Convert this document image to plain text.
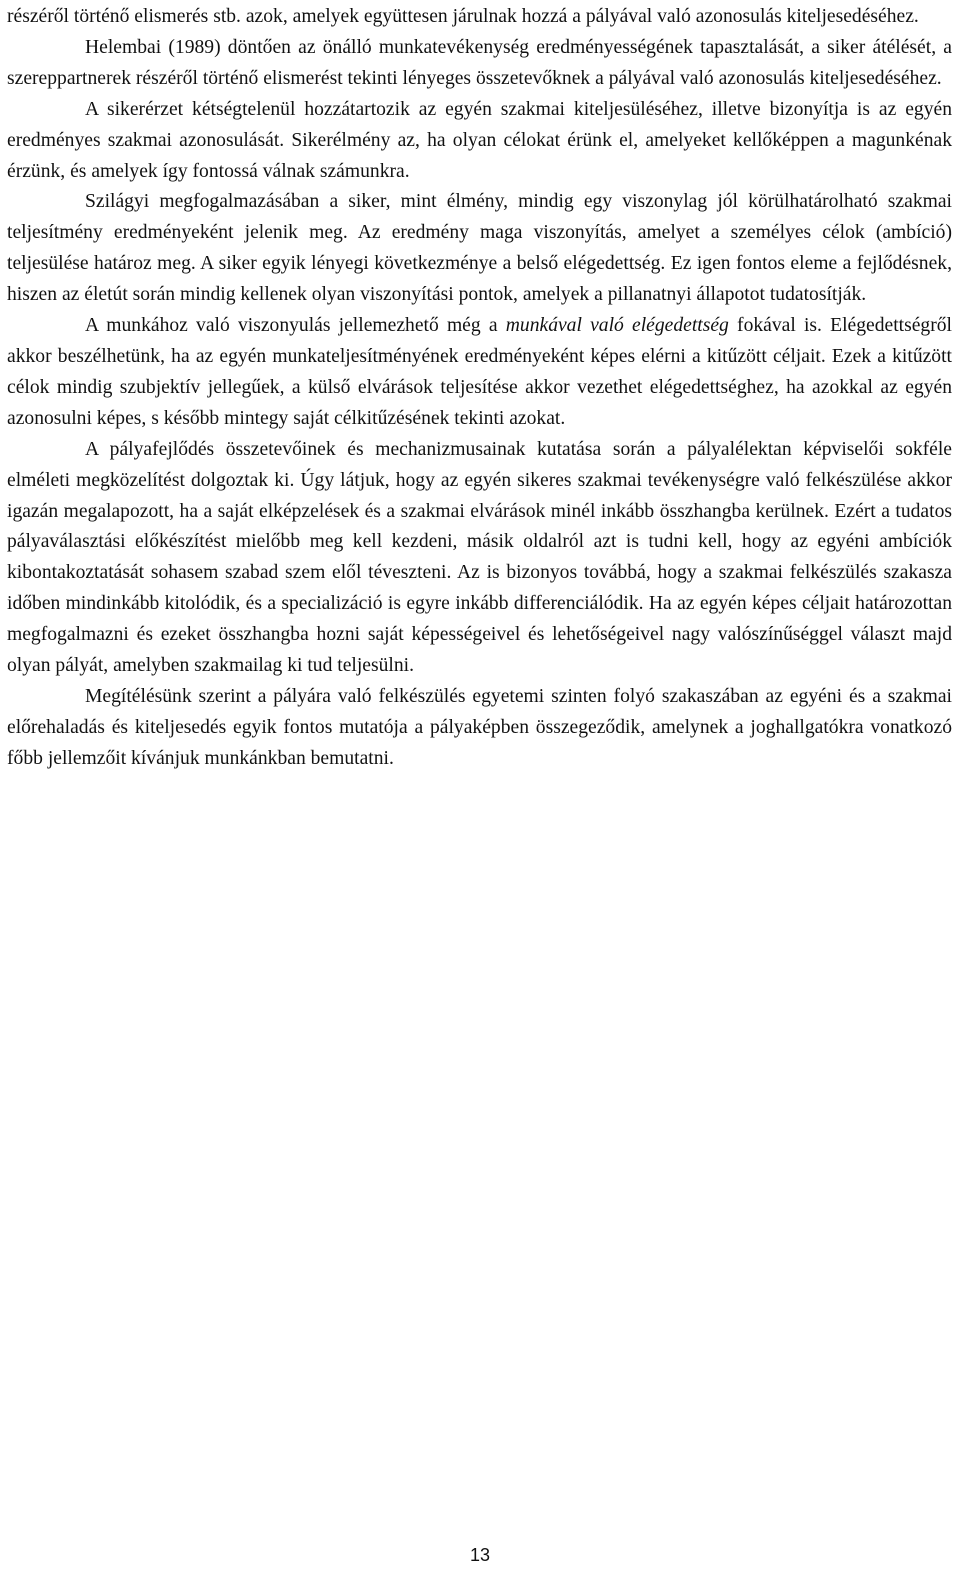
részéről történő elismerés stb. azok, amelyek együttesen járulnak hozzá a pályával való azonosulás kiteljesedéséhez.

Helembai (1989) döntően az önálló munkatevékenység eredményességének tapasztalását, a siker átélését, a szereppartnerek részéről történő elismerést tekinti lényeges összetevőknek a pályával való azonosulás kiteljesedéséhez.

A sikerérzet kétségtelenül hozzátartozik az egyén szakmai kiteljesüléséhez, illetve bizonyítja is az egyén eredményes szakmai azonosulását. Sikerélmény az, ha olyan célokat érünk el, amelyeket kellőképpen a magunkénak érzünk, és amelyek így fontossá válnak számunkra.

Szilágyi megfogalmazásában a siker, mint élmény, mindig egy viszonylag jól körülhatárolható szakmai teljesítmény eredményeként jelenik meg. Az eredmény maga viszonyítás, amelyet a személyes célok (ambíció) teljesülése határoz meg. A siker egyik lényegi következménye a belső elégedettség. Ez igen fontos eleme a fejlődésnek, hiszen az életút során mindig kellenek olyan viszonyítási pontok, amelyek a pillanatnyi állapotot tudatosítják.

A munkához való viszonyulás jellemezhető még a munkával való elégedettség fokával is. Elégedettségről akkor beszélhetünk, ha az egyén munkateljesítményének eredményeként képes elérni a kitűzött céljait. Ezek a kitűzött célok mindig szubjektív jellegűek, a külső elvárások teljesítése akkor vezethet elégedettséghez, ha azokkal az egyén azonosulni képes, s később mintegy saját célkitűzésének tekinti azokat.

A pályafejlődés összetevőinek és mechanizmusainak kutatása során a pályalélektan képviselői sokféle elméleti megközelítést dolgoztak ki. Úgy látjuk, hogy az egyén sikeres szakmai tevékenységre való felkészülése akkor igazán megalapozott, ha a saját elképzelések és a szakmai elvárások minél inkább összhangba kerülnek. Ezért a tudatos pályaválasztási előkészítést mielőbb meg kell kezdeni, másik oldalról azt is tudni kell, hogy az egyéni ambíciók kibontakoztatását sohasem szabad szem elől téveszteni. Az is bizonyos továbbá, hogy a szakmai felkészülés szakasza időben mindinkább kitolódik, és a specializáció is egyre inkább differenciálódik. Ha az egyén képes céljait határozottan megfogalmazni és ezeket összhangba hozni saját képességeivel és lehetőségeivel nagy valószínűséggel választ majd olyan pályát, amelyben szakmailag ki tud teljesülni.

Megítélésünk szerint a pályára való felkészülés egyetemi szinten folyó szakaszában az egyéni és a szakmai előrehaladás és kiteljesedés egyik fontos mutatója a pályaképben összegeződik, amelynek a joghallgatókra vonatkozó főbb jellemzőit kívánjuk munkánkban bemutatni.

13
